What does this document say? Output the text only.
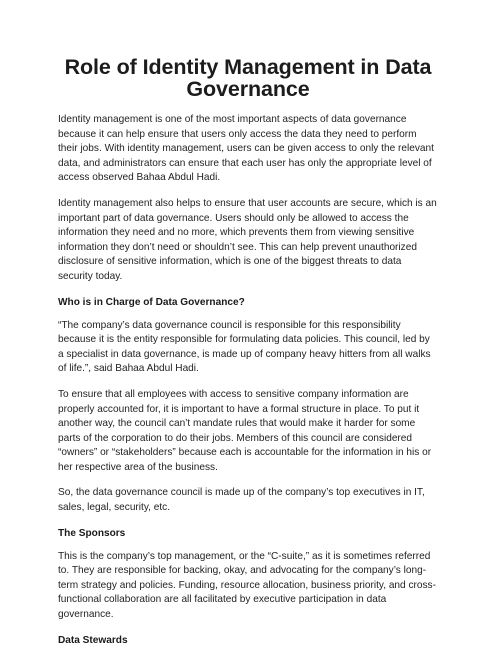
Role of Identity Management in Data Governance

Identity management is one of the most important aspects of data governance because it can help ensure that users only access the data they need to perform their jobs. With identity management, users can be given access to only the relevant data, and administrators can ensure that each user has only the appropriate level of access observed Bahaa Abdul Hadi.

Identity management also helps to ensure that user accounts are secure, which is an important part of data governance. Users should only be allowed to access the information they need and no more, which prevents them from viewing sensitive information they don’t need or shouldn’t see. This can help prevent unauthorized disclosure of sensitive information, which is one of the biggest threats to data security today.

Who is in Charge of Data Governance?

“The company’s data governance council is responsible for this responsibility because it is the entity responsible for formulating data policies. This council, led by a specialist in data governance, is made up of company heavy hitters from all walks of life.”, said Bahaa Abdul Hadi.

To ensure that all employees with access to sensitive company information are properly accounted for, it is important to have a formal structure in place. To put it another way, the council can’t mandate rules that would make it harder for some parts of the corporation to do their jobs. Members of this council are considered “owners” or “stakeholders” because each is accountable for the information in his or her respective area of the business.

So, the data governance council is made up of the company’s top executives in IT, sales, legal, security, etc.

The Sponsors

This is the company’s top management, or the “C-suite,” as it is sometimes referred to. They are responsible for backing, okay, and advocating for the company’s long-term strategy and policies. Funding, resource allocation, business priority, and cross-functional collaboration are all facilitated by executive participation in data governance.

Data Stewards
